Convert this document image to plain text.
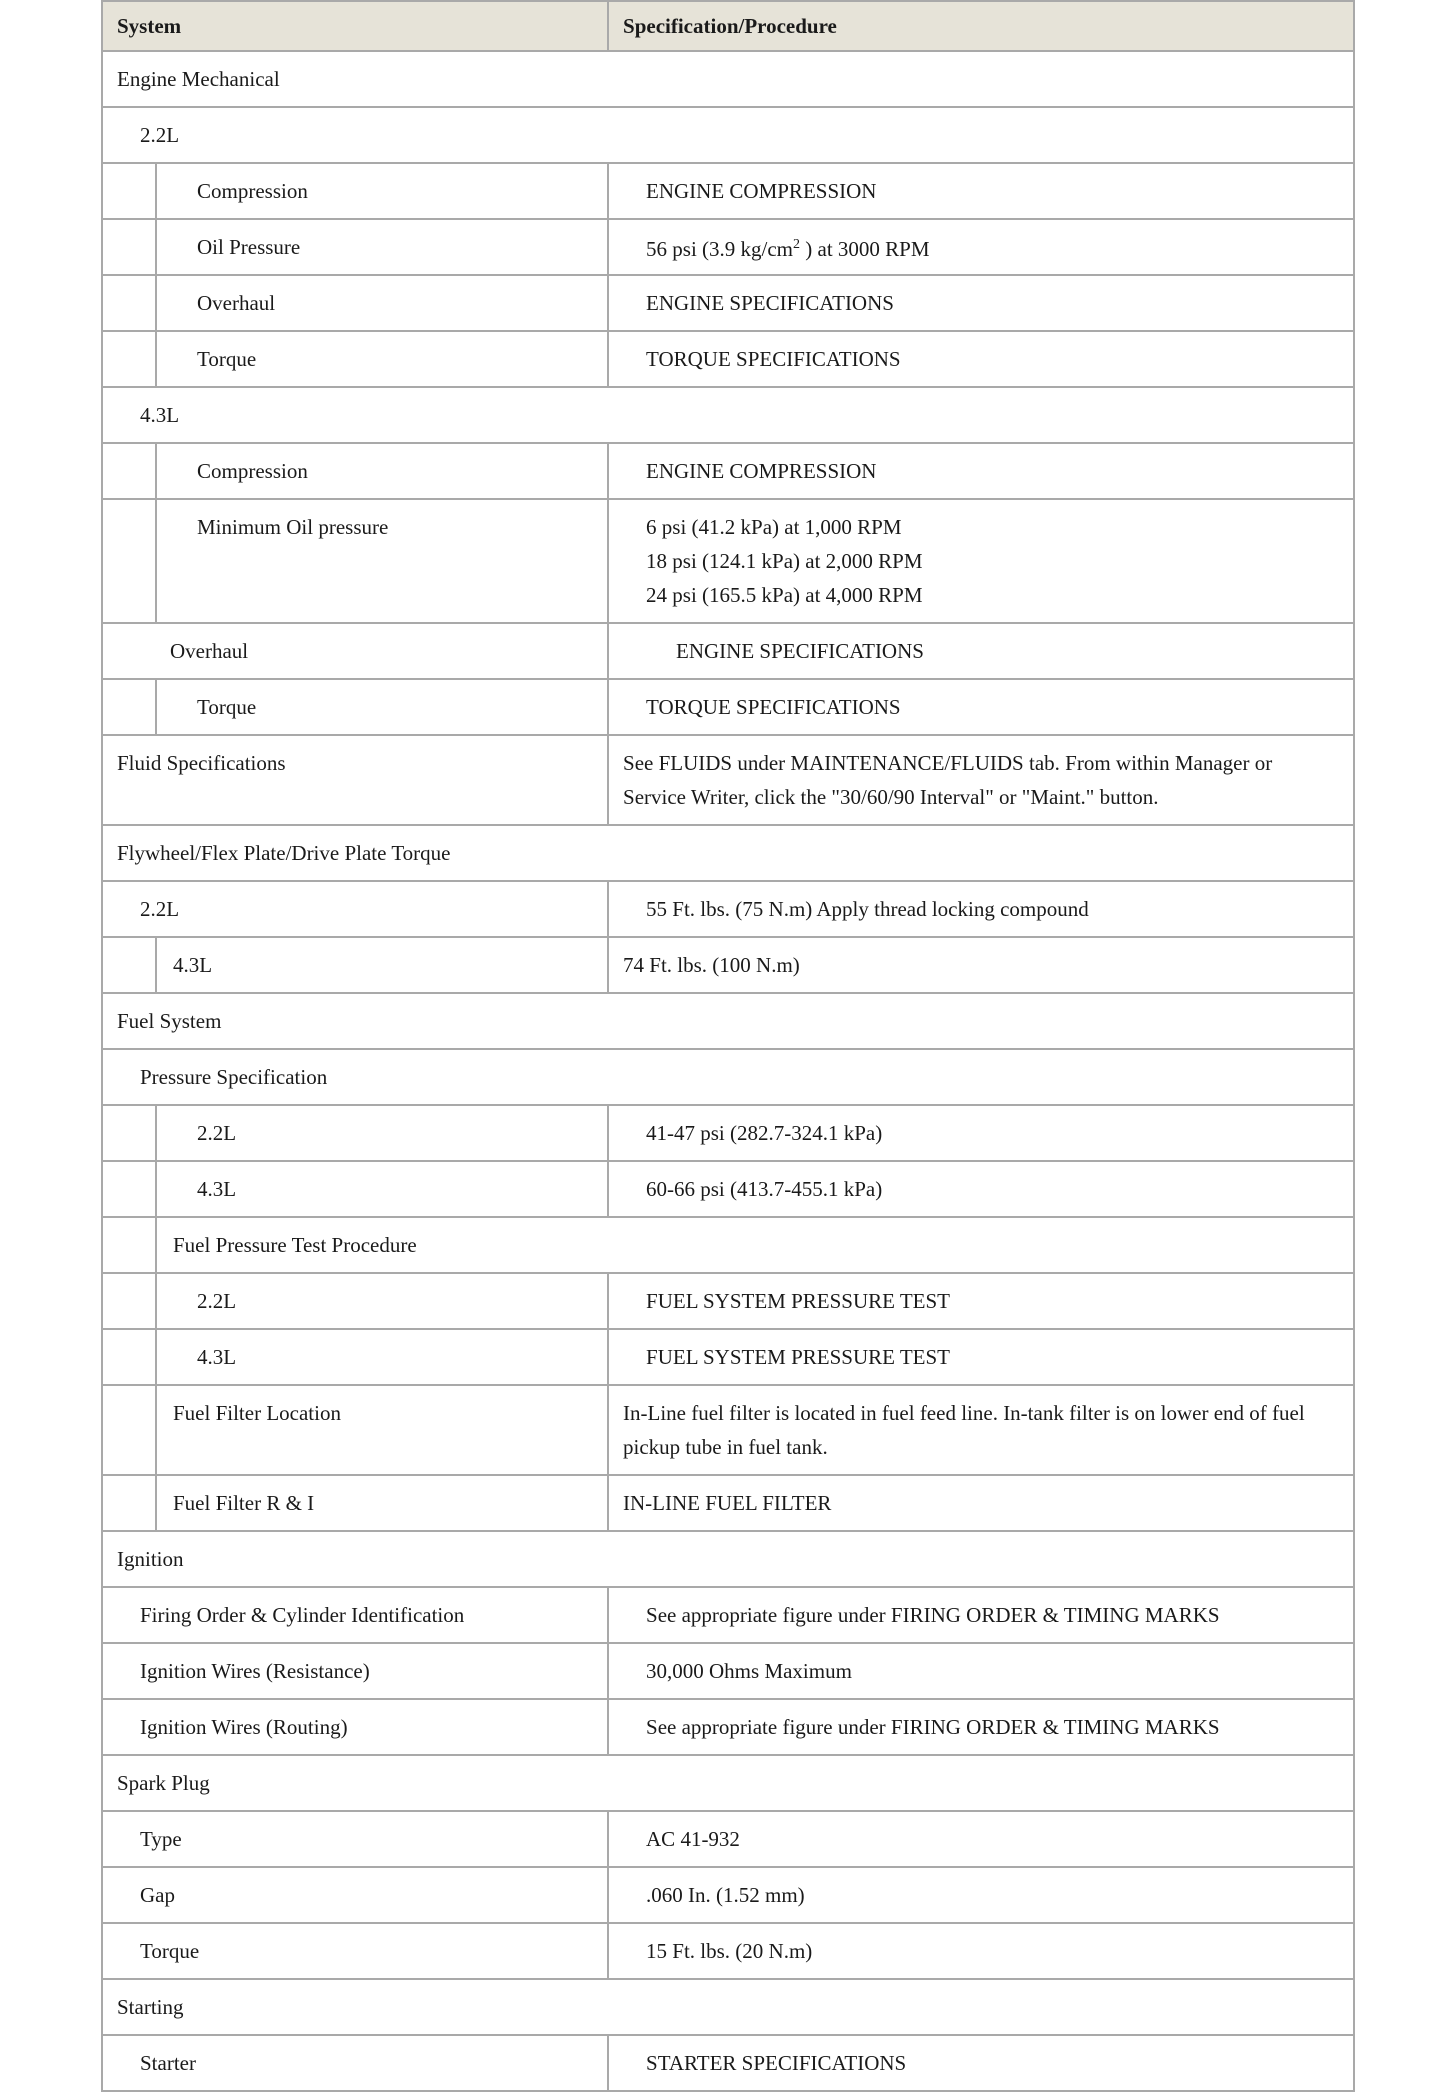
System		Specification/Procedure

Engine Mechanical		

2.2L		

	Compression	ENGINE COMPRESSION

	Oil Pressure	56 psi (3.9 $kg/cm^2$ ) at 3000 RPM

	Overhaul	ENGINE SPECIFICATIONS

	Torque	TORQUE SPECIFICATIONS

4.3L		

	Compression	ENGINE COMPRESSION

	Minimum Oil pressure	6 psi (41.2 kPa) at 1,000 RPM
18 psi (124.1 kPa) at 2,000 RPM
24 psi (165.5 kPa) at 4,000 RPM

Overhaul		ENGINE SPECIFICATIONS

	Torque	TORQUE SPECIFICATIONS

Fluid Specifications		See FLUIDS under MAINTENANCE/FLUIDS tab. From within Manager or Service Writer, click the "30/60/90 Interval" or "Maint." button.

Flywheel/Flex Plate/Drive Plate Torque		

2.2L		55 Ft. lbs. (75 N.m) Apply thread locking compound

	4.3L	74 Ft. lbs. (100 N.m)

Fuel System		

Pressure Specification		

	2.2L	41-47 psi (282.7-324.1 kPa)

	4.3L	60-66 psi (413.7-455.1 kPa)

	Fuel Pressure Test Procedure	

	2.2L	FUEL SYSTEM PRESSURE TEST

	4.3L	FUEL SYSTEM PRESSURE TEST

	Fuel Filter Location	In-Line fuel filter is located in fuel feed line. In-tank filter is on lower end of fuel pickup tube in fuel tank.

	Fuel Filter R & I	IN-LINE FUEL FILTER

Ignition		

Firing Order & Cylinder Identification		See appropriate figure under FIRING ORDER & TIMING MARKS

Ignition Wires (Resistance)		30,000 Ohms Maximum

Ignition Wires (Routing)		See appropriate figure under FIRING ORDER & TIMING MARKS

Spark Plug		

Type		AC 41-932

Gap		.060 In. (1.52 mm)

Torque		15 Ft. lbs. (20 N.m)

Starting		

Starter		STARTER SPECIFICATIONS
